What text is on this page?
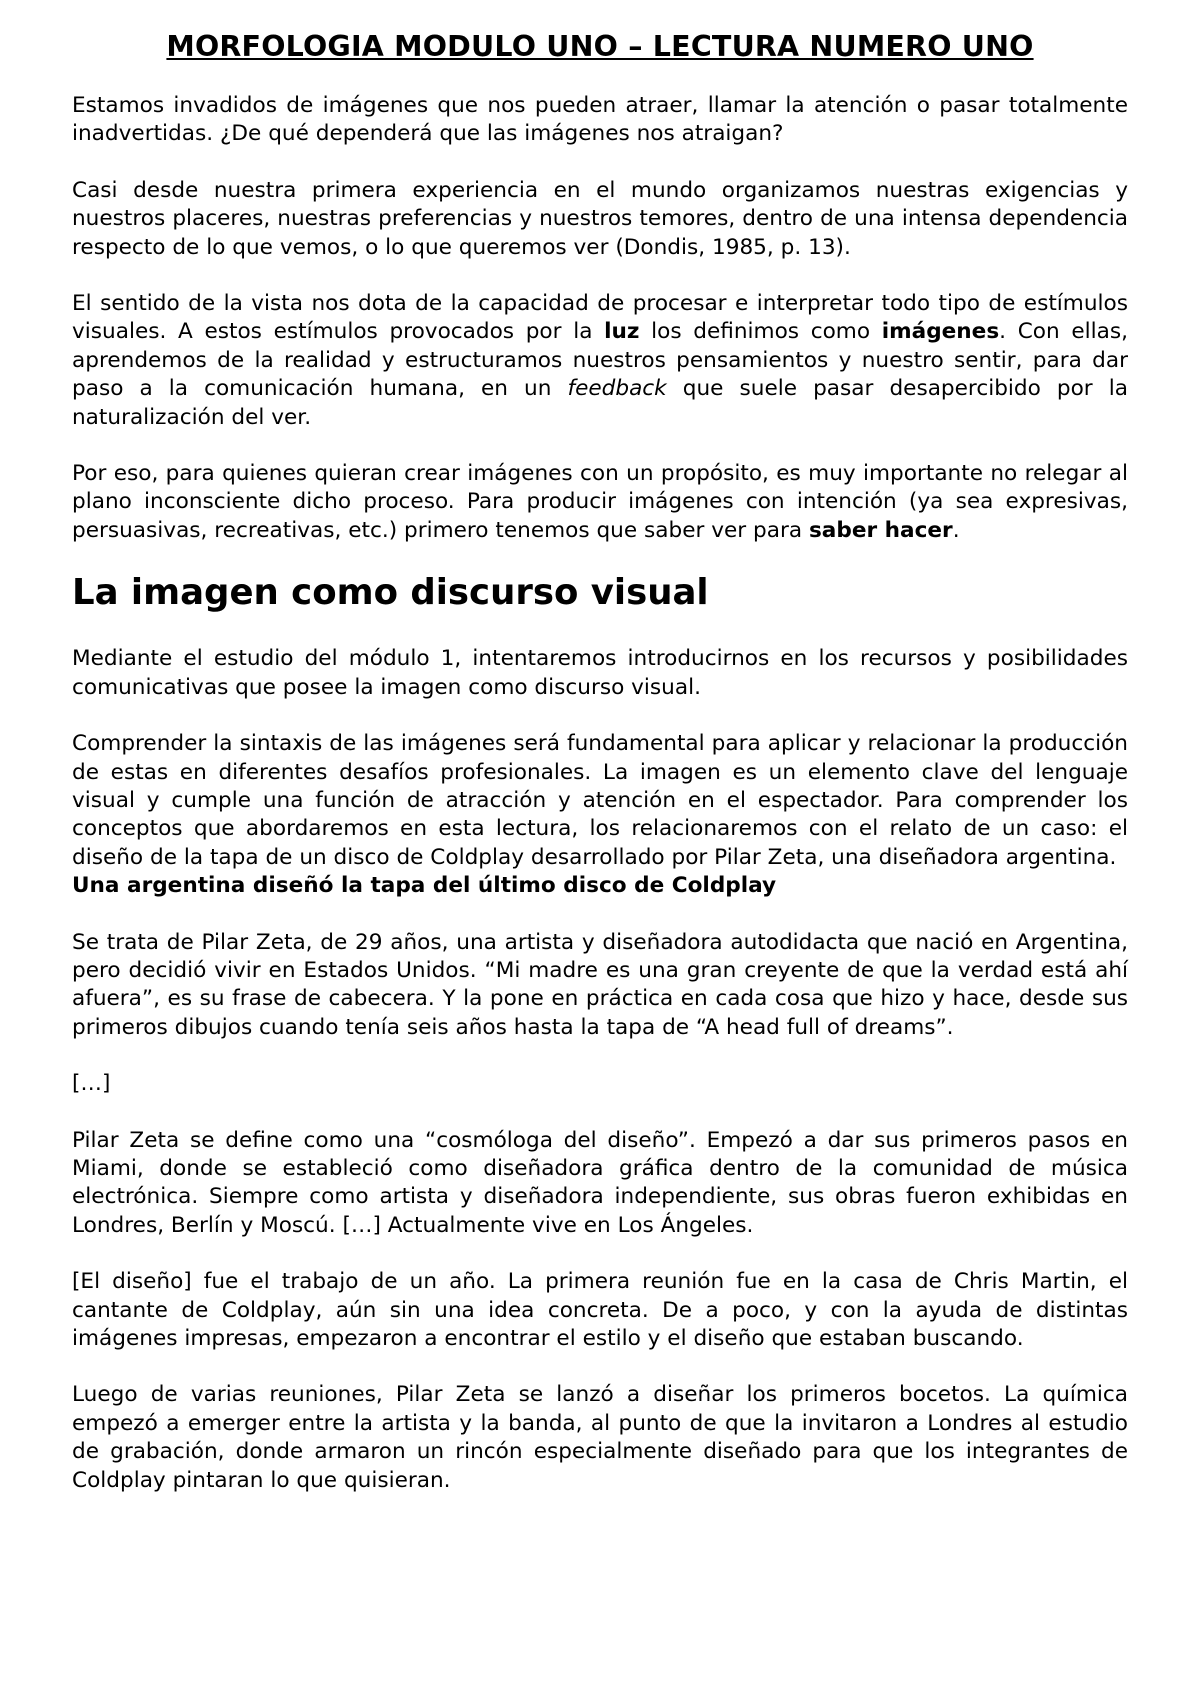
MORFOLOGIA MODULO UNO – LECTURA NUMERO UNO

Estamos invadidos de imágenes que nos pueden atraer, llamar la atención o pasar totalmente inadvertidas. ¿De qué dependerá que las imágenes nos atraigan?

Casi desde nuestra primera experiencia en el mundo organizamos nuestras exigencias y nuestros placeres, nuestras preferencias y nuestros temores, dentro de una intensa dependencia respecto de lo que vemos, o lo que queremos ver (Dondis, 1985, p. 13).

El sentido de la vista nos dota de la capacidad de procesar e interpretar todo tipo de estímulos visuales. A estos estímulos provocados por la luz los definimos como imágenes. Con ellas, aprendemos de la realidad y estructuramos nuestros pensamientos y nuestro sentir, para dar paso a la comunicación humana, en un feedback que suele pasar desapercibido por la naturalización del ver.

Por eso, para quienes quieran crear imágenes con un propósito, es muy importante no relegar al plano inconsciente dicho proceso. Para producir imágenes con intención (ya sea expresivas, persuasivas, recreativas, etc.) primero tenemos que saber ver para saber hacer.

La imagen como discurso visual

Mediante el estudio del módulo 1, intentaremos introducirnos en los recursos y posibilidades comunicativas que posee la imagen como discurso visual.

Comprender la sintaxis de las imágenes será fundamental para aplicar y relacionar la producción de estas en diferentes desafíos profesionales. La imagen es un elemento clave del lenguaje visual y cumple una función de atracción y atención en el espectador. Para comprender los conceptos que abordaremos en esta lectura, los relacionaremos con el relato de un caso: el diseño de la tapa de un disco de Coldplay desarrollado por Pilar Zeta, una diseñadora argentina.

Una argentina diseñó la tapa del último disco de Coldplay

Se trata de Pilar Zeta, de 29 años, una artista y diseñadora autodidacta que nació en Argentina, pero decidió vivir en Estados Unidos. “Mi madre es una gran creyente de que la verdad está ahí afuera”, es su frase de cabecera. Y la pone en práctica en cada cosa que hizo y hace, desde sus primeros dibujos cuando tenía seis años hasta la tapa de “A head full of dreams”.

[…]

Pilar Zeta se define como una “cosmóloga del diseño”. Empezó a dar sus primeros pasos en Miami, donde se estableció como diseñadora gráfica dentro de la comunidad de música electrónica. Siempre como artista y diseñadora independiente, sus obras fueron exhibidas en Londres, Berlín y Moscú. […] Actualmente vive en Los Ángeles.

[El diseño] fue el trabajo de un año. La primera reunión fue en la casa de Chris Martin, el cantante de Coldplay, aún sin una idea concreta. De a poco, y con la ayuda de distintas imágenes impresas, empezaron a encontrar el estilo y el diseño que estaban buscando.

Luego de varias reuniones, Pilar Zeta se lanzó a diseñar los primeros bocetos. La química empezó a emerger entre la artista y la banda, al punto de que la invitaron a Londres al estudio de grabación, donde armaron un rincón especialmente diseñado para que los integrantes de Coldplay pintaran lo que quisieran.
